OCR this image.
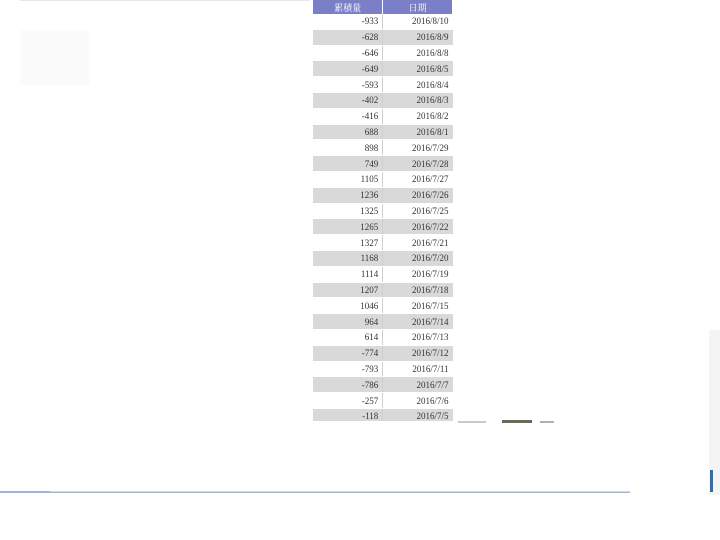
累積量	日期
-933	2016/8/10
-628	2016/8/9
-646	2016/8/8
-649	2016/8/5
-593	2016/8/4
-402	2016/8/3
-416	2016/8/2
688	2016/8/1
898	2016/7/29
749	2016/7/28
1105	2016/7/27
1236	2016/7/26
1325	2016/7/25
1265	2016/7/22
1327	2016/7/21
1168	2016/7/20
1114	2016/7/19
1207	2016/7/18
1046	2016/7/15
964	2016/7/14
614	2016/7/13
-774	2016/7/12
-793	2016/7/11
-786	2016/7/7
-257	2016/7/6
-118	2016/7/5
